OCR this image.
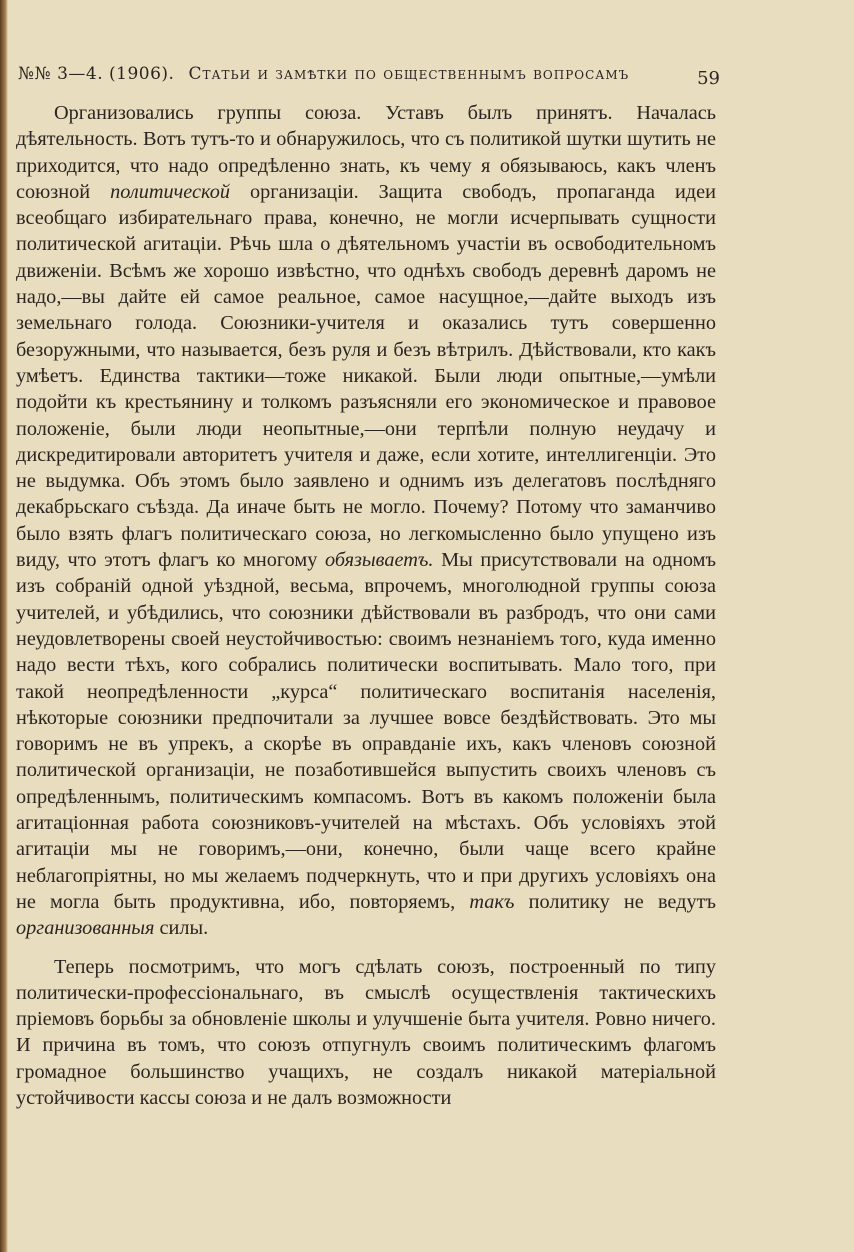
№№ 3—4. (1906). Статьи и замѣтки по общественнымъ вопросамъ	59

Организовались группы союза. Уставъ былъ принятъ. Началась дѣятельность. Вотъ тутъ-то и обнаружилось, что съ политикой шутки шутить не приходится, что надо опредѣленно знать, къ чему я обязываюсь, какъ членъ союзной политической организаціи. Защита свободъ, пропаганда идеи всеобщаго избирательнаго права, конечно, не могли исчерпывать сущности политической агитаціи. Рѣчь шла о дѣятельномъ участіи въ освободительномъ движеніи. Всѣмъ же хорошо извѣстно, что однѣхъ свободъ деревнѣ даромъ не надо,—вы дайте ей самое реальное, самое насущное,—дайте выходъ изъ земельнаго голода. Союзники-учителя и оказались тутъ совершенно безоружными, что называется, безъ руля и безъ вѣтрилъ. Дѣйствовали, кто какъ умѣетъ. Единства тактики—тоже никакой. Были люди опытные,—умѣли подойти къ крестьянину и толкомъ разъясняли его экономическое и правовое положеніе, были люди неопытные,—они терпѣли полную неудачу и дискредитировали авторитетъ учителя и даже, если хотите, интеллигенціи. Это не выдумка. Объ этомъ было заявлено и однимъ изъ делегатовъ послѣдняго декабрьскаго съѣзда. Да иначе быть не могло. Почему? Потому что заманчиво было взять флагъ политическаго союза, но легкомысленно было упущено изъ виду, что этотъ флагъ ко многому обязываетъ. Мы присутствовали на одномъ изъ собраній одной уѣздной, весьма, впрочемъ, многолюдной группы союза учителей, и убѣдились, что союзники дѣйствовали въ разбродъ, что они сами неудовлетворены своей неустойчивостью: своимъ незнаніемъ того, куда именно надо вести тѣхъ, кого собрались политически воспитывать. Мало того, при такой неопредѣленности „курса“ политическаго воспитанія населенія, нѣкоторые союзники предпочитали за лучшее вовсе бездѣйствовать. Это мы говоримъ не въ упрекъ, а скорѣе въ оправданіе ихъ, какъ членовъ союзной политической организаціи, не позаботившейся выпустить своихъ членовъ съ опредѣленнымъ, политическимъ компасомъ. Вотъ въ какомъ положеніи была агитаціонная работа союзниковъ-учителей на мѣстахъ. Объ условіяхъ этой агитаціи мы не говоримъ,—они, конечно, были чаще всего крайне неблагопріятны, но мы желаемъ подчеркнуть, что и при другихъ условіяхъ она не могла быть продуктивна, ибо, повторяемъ, такъ политику не ведутъ организованныя силы.

Теперь посмотримъ, что могъ сдѣлать союзъ, построенный по типу политически-профессіональнаго, въ смыслѣ осуществленія тактическихъ пріемовъ борьбы за обновленіе школы и улучшеніе быта учителя. Ровно ничего. И причина въ томъ, что союзъ отпугнулъ своимъ политическимъ флагомъ громадное большинство учащихъ, не создалъ никакой матеріальной устойчивости кассы союза и не далъ возможности
